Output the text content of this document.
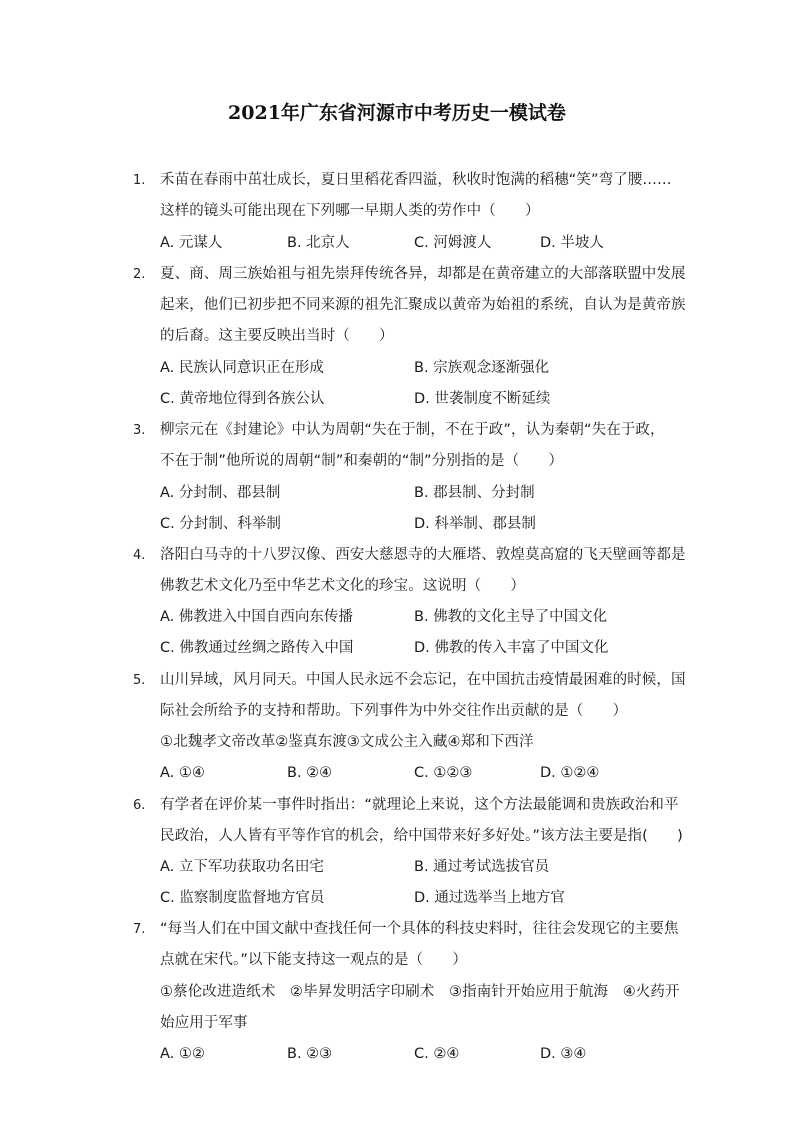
2021年广东省河源市中考历史一模试卷
1. 禾苗在春雨中茁壮成长，夏日里稻花香四溢，秋收时饱满的稻穗“笑”弯了腰……
这样的镜头可能出现在下列哪一早期人类的劳作中（　　）
A. 元谋人	B. 北京人	C. 河姆渡人	D. 半坡人
2. 夏、商、周三族始祖与祖先崇拜传统各异，却都是在黄帝建立的大部落联盟中发展
起来，他们已初步把不同来源的祖先汇聚成以黄帝为始祖的系统，自认为是黄帝族
的后裔。这主要反映出当时（　　）
A. 民族认同意识正在形成	B. 宗族观念逐渐强化
C. 黄帝地位得到各族公认	D. 世袭制度不断延续
3. 柳宗元在《封建论》中认为周朝“失在于制，不在于政”，认为秦朝“失在于政，
不在于制”他所说的周朝“制”和秦朝的“制”分别指的是（　　）
A. 分封制、郡县制	B. 郡县制、分封制
C. 分封制、科举制	D. 科举制、郡县制
4. 洛阳白马寺的十八罗汉像、西安大慈恩寺的大雁塔、敦煌莫高窟的飞天壁画等都是
佛教艺术文化乃至中华艺术文化的珍宝。这说明（　　）
A. 佛教进入中国自西向东传播	B. 佛教的文化主导了中国文化
C. 佛教通过丝绸之路传入中国	D. 佛教的传入丰富了中国文化
5. 山川异域，风月同天。中国人民永远不会忘记，在中国抗击疫情最困难的时候，国
际社会所给予的支持和帮助。下列事件为中外交往作出贡献的是（　　）
①北魏孝文帝改革②鉴真东渡③文成公主入藏④郑和下西洋
A. ①④	B. ②④	C. ①②③	D. ①②④
6. 有学者在评价某一事件时指出：“就理论上来说，这个方法最能调和贵族政治和平
民政治，人人皆有平等作官的机会，给中国带来好多好处。”该方法主要是指(　　)
A. 立下军功获取功名田宅	B. 通过考试选拔官员
C. 监察制度监督地方官员	D. 通过选举当上地方官
7. “每当人们在中国文献中查找任何一个具体的科技史料时，往往会发现它的主要焦
点就在宋代。”以下能支持这一观点的是（　　）
①蔡伦改进造纸术　②毕昇发明活字印刷术　③指南针开始应用于航海　④火药开
始应用于军事
A. ①②	B. ②③	C. ②④	D. ③④
